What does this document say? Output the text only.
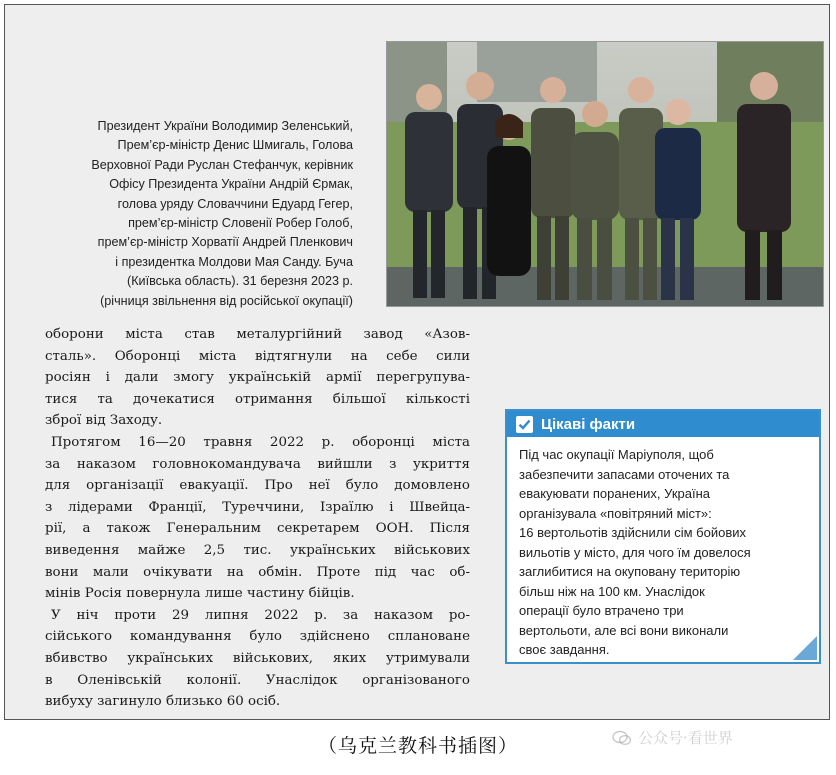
Президент України Володимир Зеленський,
Прем’єр-міністр Денис Шмигаль, Голова
Верховної Ради Руслан Стефанчук, керівник
Офісу Президента України Андрій Єрмак,
голова уряду Словаччини Едуард Гегер,
прем’єр-міністр Словенії Робер Голоб,
прем’єр-міністр Хорватії Андрей Пленкович
і президентка Молдови Мая Санду. Буча
(Київська область). 31 березня 2023 р.
(річниця звільнення від російської окупації)
оборони міста став металургійний завод «Азов-
сталь». Оборонці міста відтягнули на себе сили
росіян і дали змогу українській армії перегрупува-
тися та дочекатися отримання більшої кількості
зброї від Заходу.
Протягом 16—20 травня 2022 р. оборонці міста
за наказом головнокомандувача вийшли з укриття
для організації евакуації. Про неї було домовлено
з лідерами Франції, Туреччини, Ізраїлю і Швейца-
рії, а також Генеральним секретарем ООН. Після
виведення майже 2,5 тис. українських військових
вони мали очікувати на обмін. Проте під час об-
мінів Росія повернула лише частину бійців.
У ніч проти 29 липня 2022 р. за наказом ро-
сійського командування було здійснено сплановане
вбивство українських військових, яких утримували
в Оленівській колонії. Унаслідок організованого
вибуху загинуло близько 60 осіб.
Цікаві факти
Під час окупації Маріуполя, щоб
забезпечити запасами оточених та
евакуювати поранених, Україна
організувала «повітряний міст»:
16 вертольотів здійснили сім бойових
вильотів у місто, для чого їм довелося
заглибитися на окуповану територію
більш ніж на 100 км. Унаслідок
операції було втрачено три
вертольоти, але всі вони виконали
своє завдання.
（乌克兰教科书插图）	公众号·看世界
